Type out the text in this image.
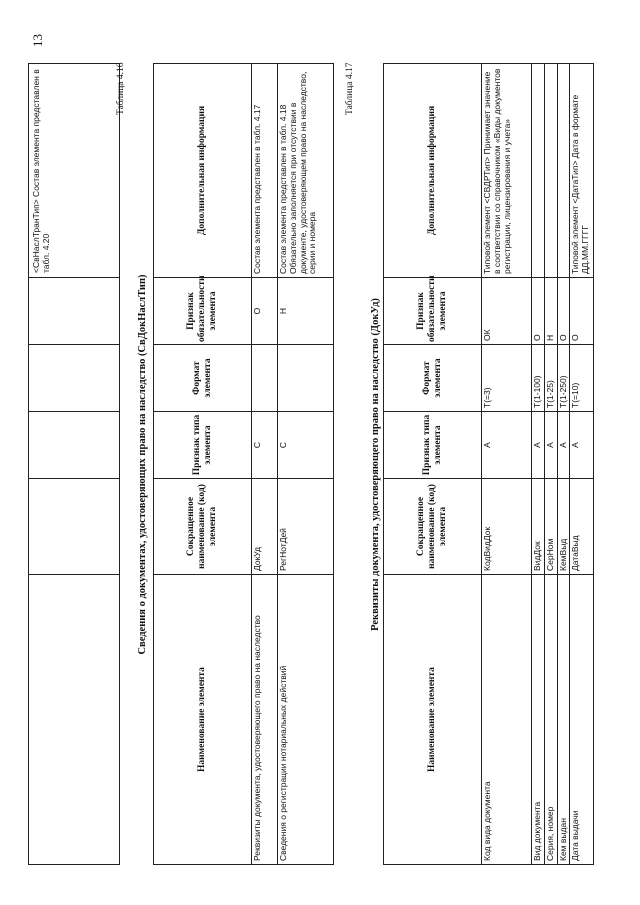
13
					<СвНаслТранТип> Состав элемента представлен в табл. 4.20
Таблица 4.16
Сведения о документах, удостоверяющих право на наследство (СвДокНаслТип)
Наименование элемента	Сокращенное наименование (код) элемента	Признак типа элемента	Формат элемента	Признак обязательности элемента	Дополнительная информация
Реквизиты документа, удостоверяющего право на наследство	ДокУд	С		О	Состав элемента представлен в табл. 4.17
Сведения о регистрации нотариальных действий	РегНотДей	С		Н	Состав элемента представлен в табл. 4.18 Обязательно заполняется при отсутствии в документе, удостоверяющем право на наследство, серии и номера
Таблица 4.17
Реквизиты документа, удостоверяющего право на наследство (ДокУд)
Наименование элемента	Сокращенное наименование (код) элемента	Признак типа элемента	Формат элемента	Признак обязательности элемента	Дополнительная информация
Код вида документа	КодВидДок	А	Т(=3)	ОК	Типовой элемент <СВДРТип> Принимает значение в соответствии со справочником «Виды документов регистрации, лицензирования и учета»
Вид документа	ВидДок	А	Т(1-100)	О	
Серия, номер	СерНом	А	Т(1-25)	Н	
Кем выдан	КемВыд	А	Т(1-250)	О	
Дата выдачи	ДатаВыд	А	Т(=10)	О	Типовой элемент <ДатаТип> Дата в формате ДД.ММ.ГГГГ
